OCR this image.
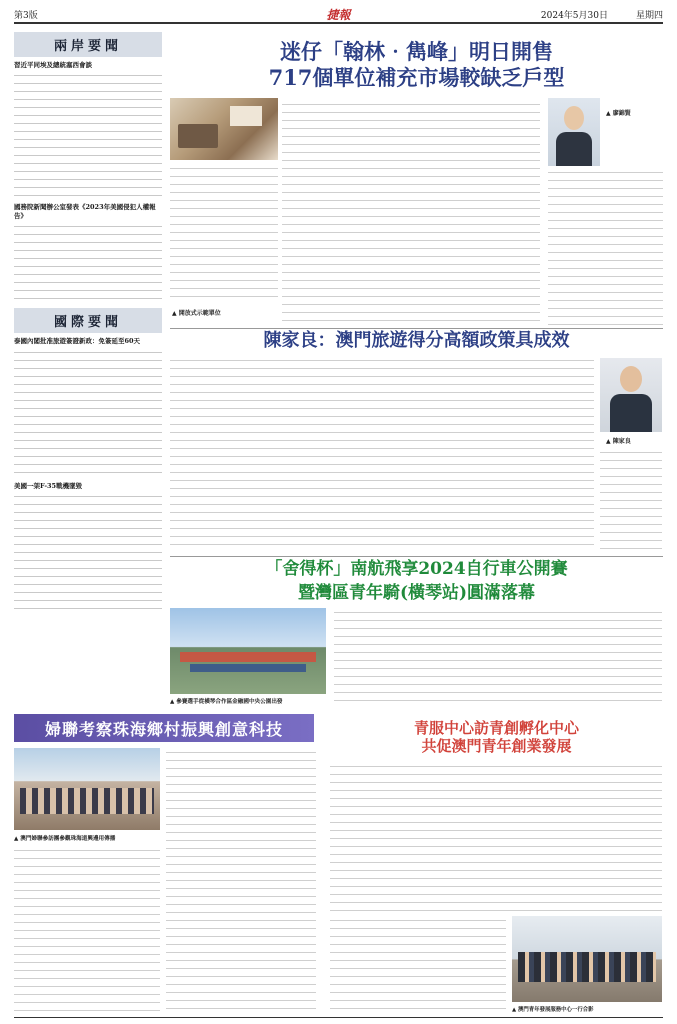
第3版	捷報	2024年5月30日	星期四
兩岸要聞
習近平同埃及總統塞西會談
國務院新聞辦公室發表《2023年美國侵犯人權報告》
國際要聞
泰國內閣批准旅遊簽證新政：免簽延至60天
美國一架F-35戰機墜毀
迷仔「翰林‧雋峰」明日開售
717個單位補充市場較缺乏戶型
▲ 開放式示範單位
▲ 廖錦賢
陳家良：澳門旅遊得分高額政策具成效
▲ 陳家良
「舍得杯」南航飛享2024自行車公開賽
暨灣區青年騎(橫琴站)圓滿落幕
▲ 參賽選手從橫琴合作區金融國中央公園出發
婦聯考察珠海鄉村振興創意科技
▲ 澳門婦聯參訪團參觀珠海道興邊用傳播
青服中心訪青創孵化中心
共促澳門青年創業發展
▲ 澳門青年發展服務中心一行合影
